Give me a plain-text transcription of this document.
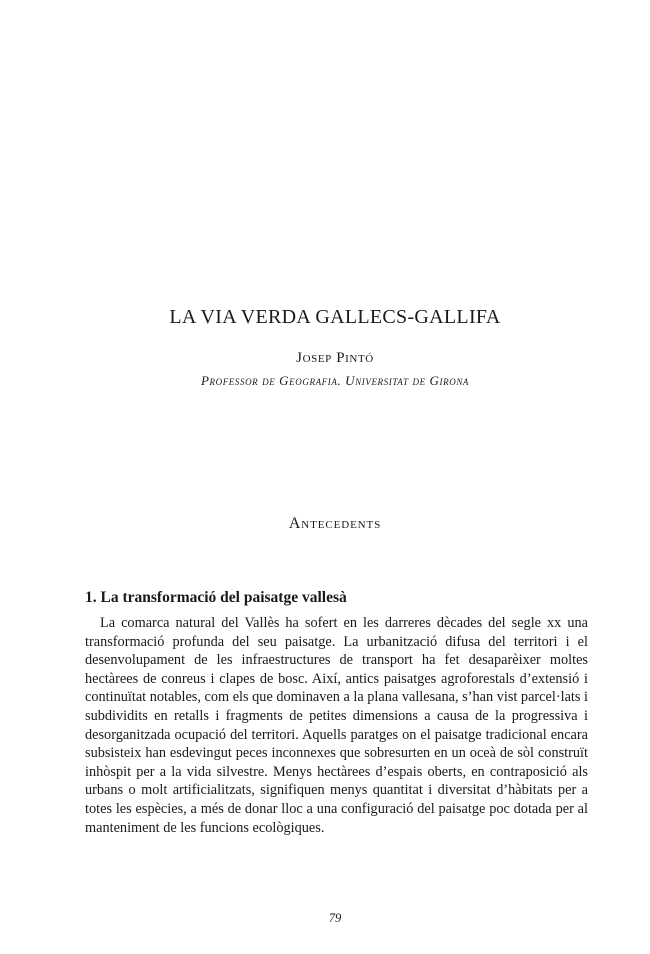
LA VIA VERDA GALLECS-GALLIFA

Josep Pintó

Professor de Geografia. Universitat de Girona

Antecedents
1. La transformació del paisatge vallesà

La comarca natural del Vallès ha sofert en les darreres dècades del segle xx una transformació profunda del seu paisatge. La urbanització difusa del territori i el desenvolupament de les infraestructures de transport ha fet desaparèixer moltes hectàrees de conreus i clapes de bosc. Així, antics paisatges agroforestals d’extensió i continuïtat notables, com els que dominaven a la plana vallesana, s’han vist parcel·lats i subdividits en retalls i fragments de petites dimensions a causa de la progressiva i desorganitzada ocupació del territori. Aquells paratges on el paisatge tradicional encara subsisteix han esdevingut peces inconnexes que sobresurten en un oceà de sòl construït inhòspit per a la vida silvestre. Menys hectàrees d’espais oberts, en contraposició als urbans o molt artificialitzats, signifiquen menys quantitat i diversitat d’hàbitats per a totes les espècies, a més de donar lloc a una configuració del paisatge poc dotada per al manteniment de les funcions ecològiques.

79
